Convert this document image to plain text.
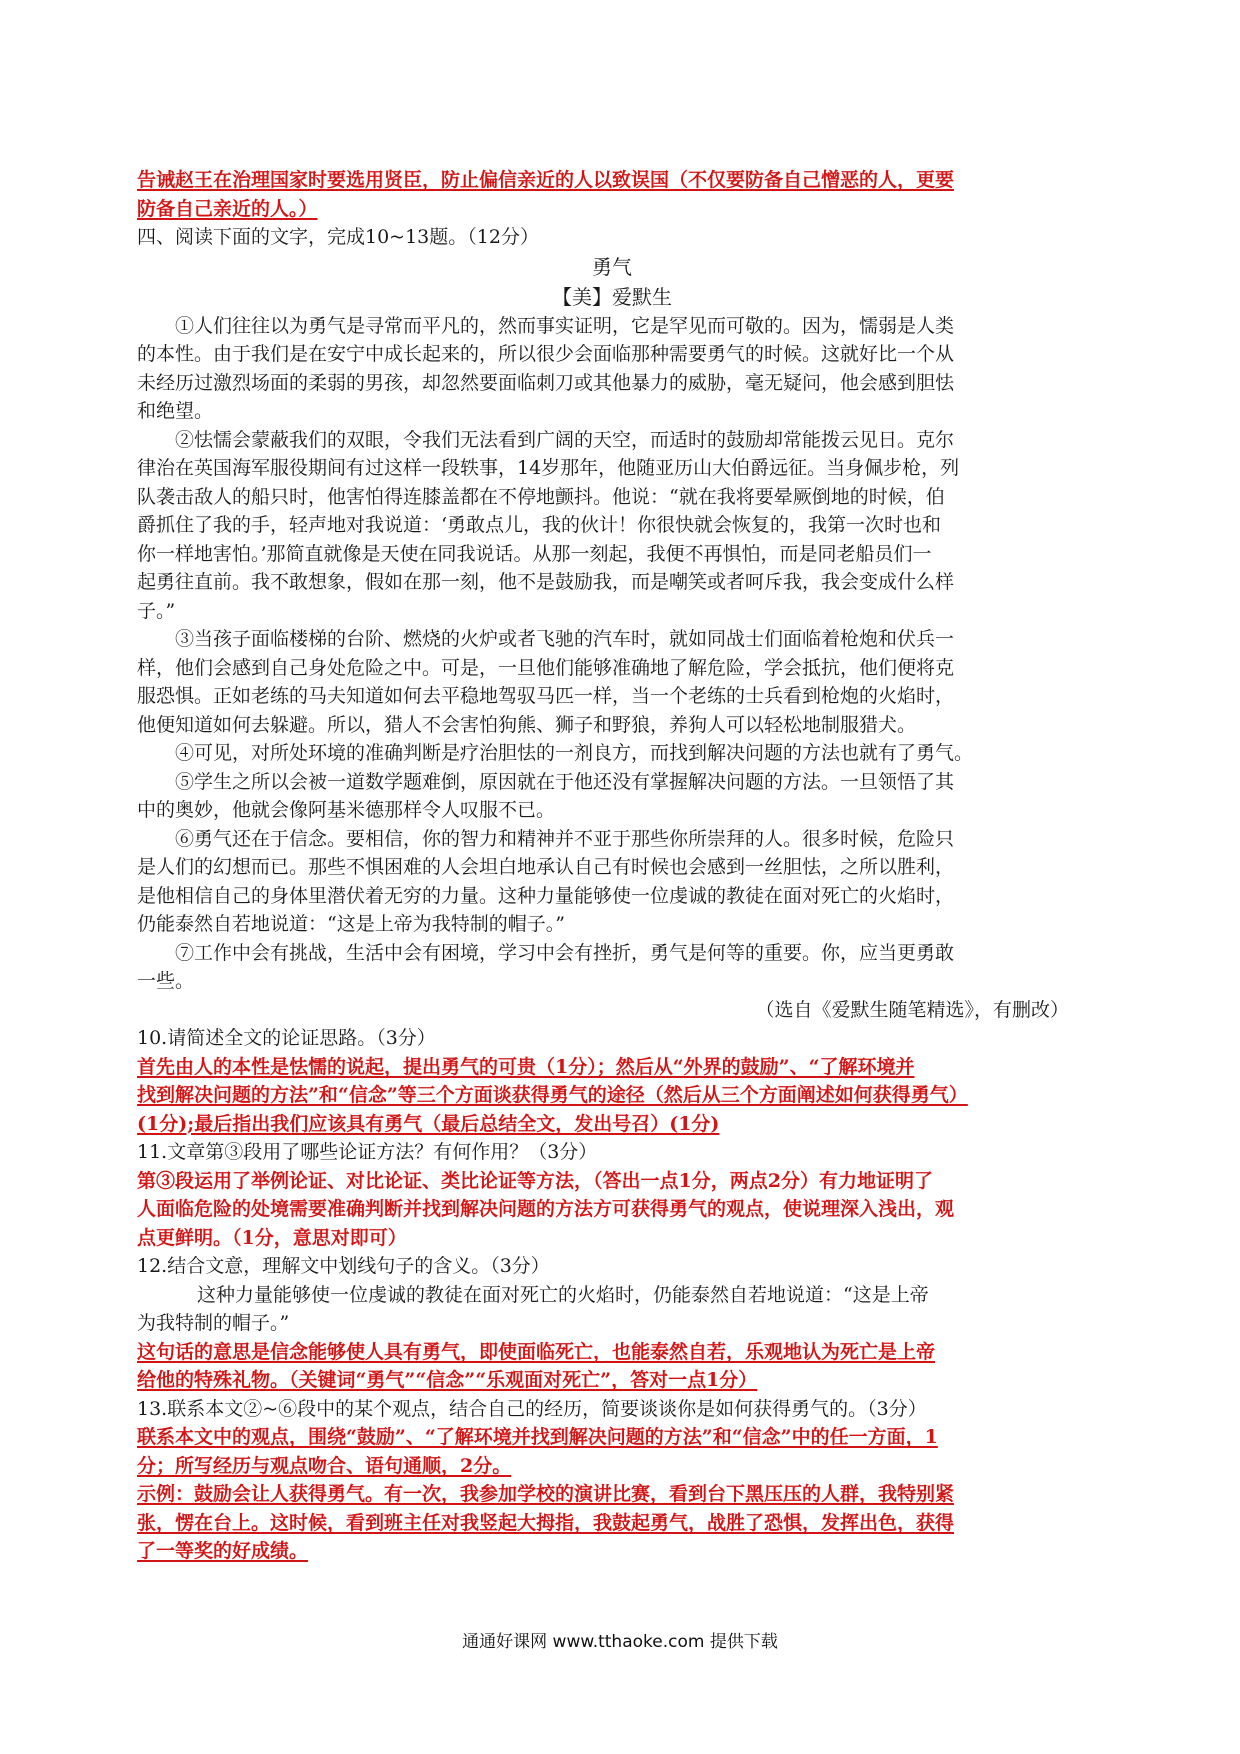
告诫赵王在治理国家时要选用贤臣，防止偏信亲近的人以致误国（不仅要防备自己憎恶的人，更要
防备自己亲近的人。）
四、阅读下面的文字，完成10~13题。（12分）
勇气
【美】爱默生
①人们往往以为勇气是寻常而平凡的，然而事实证明，它是罕见而可敬的。因为，懦弱是人类
的本性。由于我们是在安宁中成长起来的，所以很少会面临那种需要勇气的时候。这就好比一个从
未经历过激烈场面的柔弱的男孩，却忽然要面临刺刀或其他暴力的威胁，毫无疑问，他会感到胆怯
和绝望。
②怯懦会蒙蔽我们的双眼，令我们无法看到广阔的天空，而适时的鼓励却常能拨云见日。克尔
律治在英国海军服役期间有过这样一段轶事，14岁那年，他随亚历山大伯爵远征。当身佩步枪，列
队袭击敌人的船只时，他害怕得连膝盖都在不停地颤抖。他说：“就在我将要晕厥倒地的时候，伯
爵抓住了我的手，轻声地对我说道：‘勇敢点儿，我的伙计！你很快就会恢复的，我第一次时也和
你一样地害怕。’那简直就像是天使在同我说话。从那一刻起，我便不再惧怕，而是同老船员们一
起勇往直前。我不敢想象，假如在那一刻，他不是鼓励我，而是嘲笑或者呵斥我，我会变成什么样
子。”
③当孩子面临楼梯的台阶、燃烧的火炉或者飞驰的汽车时，就如同战士们面临着枪炮和伏兵一
样，他们会感到自己身处危险之中。可是，一旦他们能够准确地了解危险，学会抵抗，他们便将克
服恐惧。正如老练的马夫知道如何去平稳地驾驭马匹一样，当一个老练的士兵看到枪炮的火焰时，
他便知道如何去躲避。所以，猎人不会害怕狗熊、狮子和野狼，养狗人可以轻松地制服猎犬。
④可见，对所处环境的准确判断是疗治胆怯的一剂良方，而找到解决问题的方法也就有了勇气。
⑤学生之所以会被一道数学题难倒，原因就在于他还没有掌握解决问题的方法。一旦领悟了其
中的奥妙，他就会像阿基米德那样令人叹服不已。
⑥勇气还在于信念。要相信，你的智力和精神并不亚于那些你所崇拜的人。很多时候，危险只
是人们的幻想而已。那些不惧困难的人会坦白地承认自己有时候也会感到一丝胆怯，之所以胜利，
是他相信自己的身体里潜伏着无穷的力量。这种力量能够使一位虔诚的教徒在面对死亡的火焰时，
仍能泰然自若地说道：“这是上帝为我特制的帽子。”
⑦工作中会有挑战，生活中会有困境，学习中会有挫折，勇气是何等的重要。你，应当更勇敢
一些。
（选自《爱默生随笔精选》，有删改）
10.请简述全文的论证思路。（3分）
首先由人的本性是怯懦的说起，提出勇气的可贵（1分）；然后从“外界的鼓励”、“了解环境并
找到解决问题的方法”和“信念”等三个方面谈获得勇气的途径（然后从三个方面阐述如何获得勇气）
(1分);最后指出我们应该具有勇气（最后总结全文，发出号召）(1分)
11.文章第③段用了哪些论证方法？有何作用？（3分）
第③段运用了举例论证、对比论证、类比论证等方法，（答出一点1分，两点2分）有力地证明了
人面临危险的处境需要准确判断并找到解决问题的方法方可获得勇气的观点，使说理深入浅出，观
点更鲜明。（1分，意思对即可）
12.结合文意，理解文中划线句子的含义。（3分）
这种力量能够使一位虔诚的教徒在面对死亡的火焰时，仍能泰然自若地说道：“这是上帝
为我特制的帽子。”
这句话的意思是信念能够使人具有勇气，即使面临死亡，也能泰然自若，乐观地认为死亡是上帝
给他的特殊礼物。（关键词“勇气”“信念”“乐观面对死亡”，答对一点1分）
13.联系本文②~⑥段中的某个观点，结合自己的经历，简要谈谈你是如何获得勇气的。（3分）
联系本文中的观点，围绕“鼓励”、“了解环境并找到解决问题的方法”和“信念”中的任一方面，1
分；所写经历与观点吻合、语句通顺，2分。
示例：鼓励会让人获得勇气。有一次，我参加学校的演讲比赛，看到台下黑压压的人群，我特别紧
张，愣在台上。这时候，看到班主任对我竖起大拇指，我鼓起勇气，战胜了恐惧，发挥出色，获得
了一等奖的好成绩。
通通好课网 www.tthaoke.com 提供下载
